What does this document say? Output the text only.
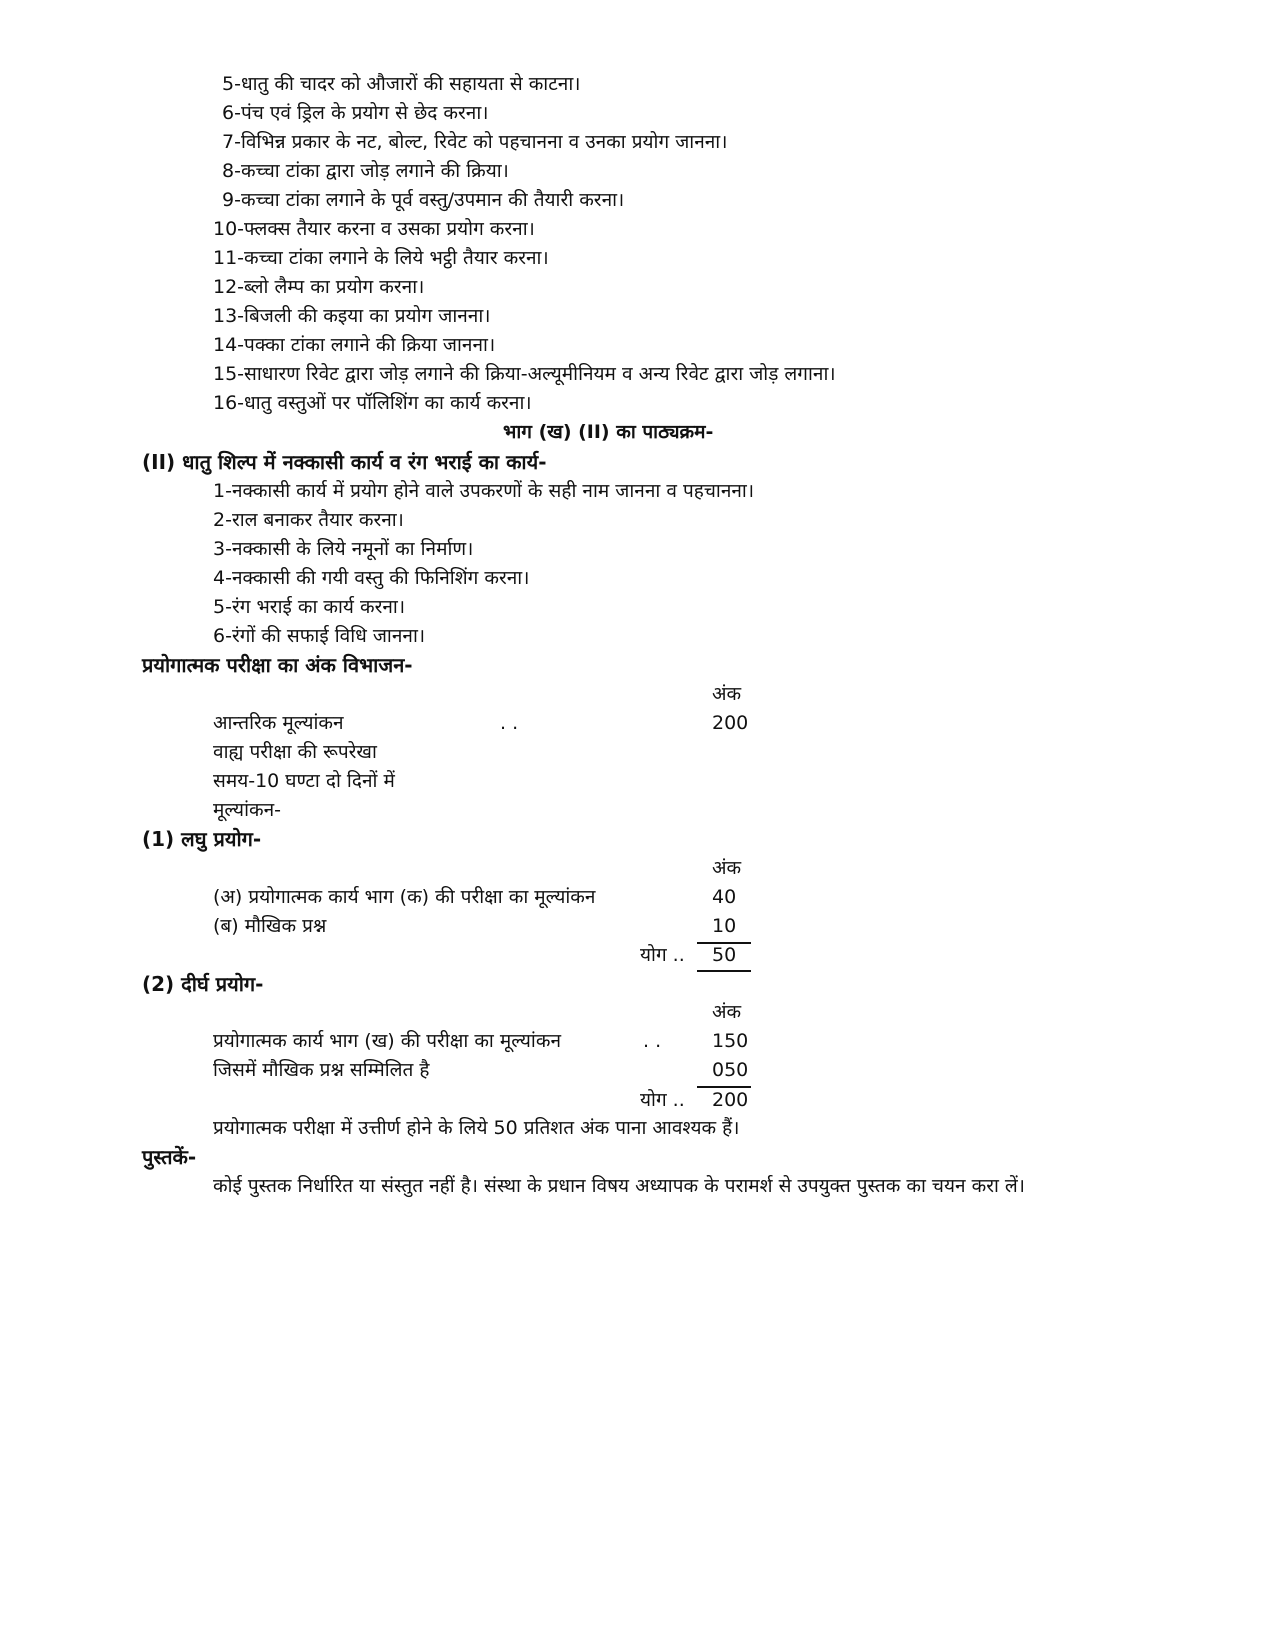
5-धातु की चादर को औजारों की सहायता से काटना।
6-पंच एवं ड्रिल के प्रयोग से छेद करना।
7-विभिन्न प्रकार के नट, बोल्ट, रिवेट को पहचानना व उनका प्रयोग जानना।
8-कच्चा टांका द्वारा जोड़ लगाने की क्रिया।
9-कच्चा टांका लगाने के पूर्व वस्तु/उपमान की तैयारी करना।
10-फ्लक्स तैयार करना व उसका प्रयोग करना।
11-कच्चा टांका लगाने के लिये भट्ठी तैयार करना।
12-ब्लो लैम्प का प्रयोग करना।
13-बिजली की कइया का प्रयोग जानना।
14-पक्का टांका लगाने की क्रिया जानना।
15-साधारण रिवेट द्वारा जोड़ लगाने की क्रिया-अल्यूमीनियम व अन्य रिवेट द्वारा जोड़ लगाना।
16-धातु वस्तुओं पर पॉलिशिंग का कार्य करना।
भाग (ख) (II) का पाठ्यक्रम-
(II) धातु शिल्प में नक्कासी कार्य व रंग भराई का कार्य-
1-नक्कासी कार्य में प्रयोग होने वाले उपकरणों के सही नाम जानना व पहचानना।
2-राल बनाकर तैयार करना।
3-नक्कासी के लिये नमूनों का निर्माण।
4-नक्कासी की गयी वस्तु की फिनिशिंग करना।
5-रंग भराई का कार्य करना।
6-रंगों की सफाई विधि जानना।
प्रयोगात्मक परीक्षा का अंक विभाजन-
अंक
आन्तरिक मूल्यांकन	. .	200
वाह्य परीक्षा की रूपरेखा
समय-10 घण्टा दो दिनों में
मूल्यांकन-
(1) लघु प्रयोग-
अंक
(अ) प्रयोगात्मक कार्य भाग (क) की परीक्षा का मूल्यांकन	40
(ब) मौखिक प्रश्न	10
योग .. 50
(2) दीर्घ प्रयोग-
अंक
प्रयोगात्मक कार्य भाग (ख) की परीक्षा का मूल्यांकन	. .	150
जिसमें मौखिक प्रश्न सम्मिलित है	050
योग .. 200
प्रयोगात्मक परीक्षा में उत्तीर्ण होने के लिये 50 प्रतिशत अंक पाना आवश्यक हैं।
पुस्तकें-
कोई पुस्तक निर्धारित या संस्तुत नहीं है। संस्था के प्रधान विषय अध्यापक के परामर्श से उपयुक्त पुस्तक का चयन करा लें।
